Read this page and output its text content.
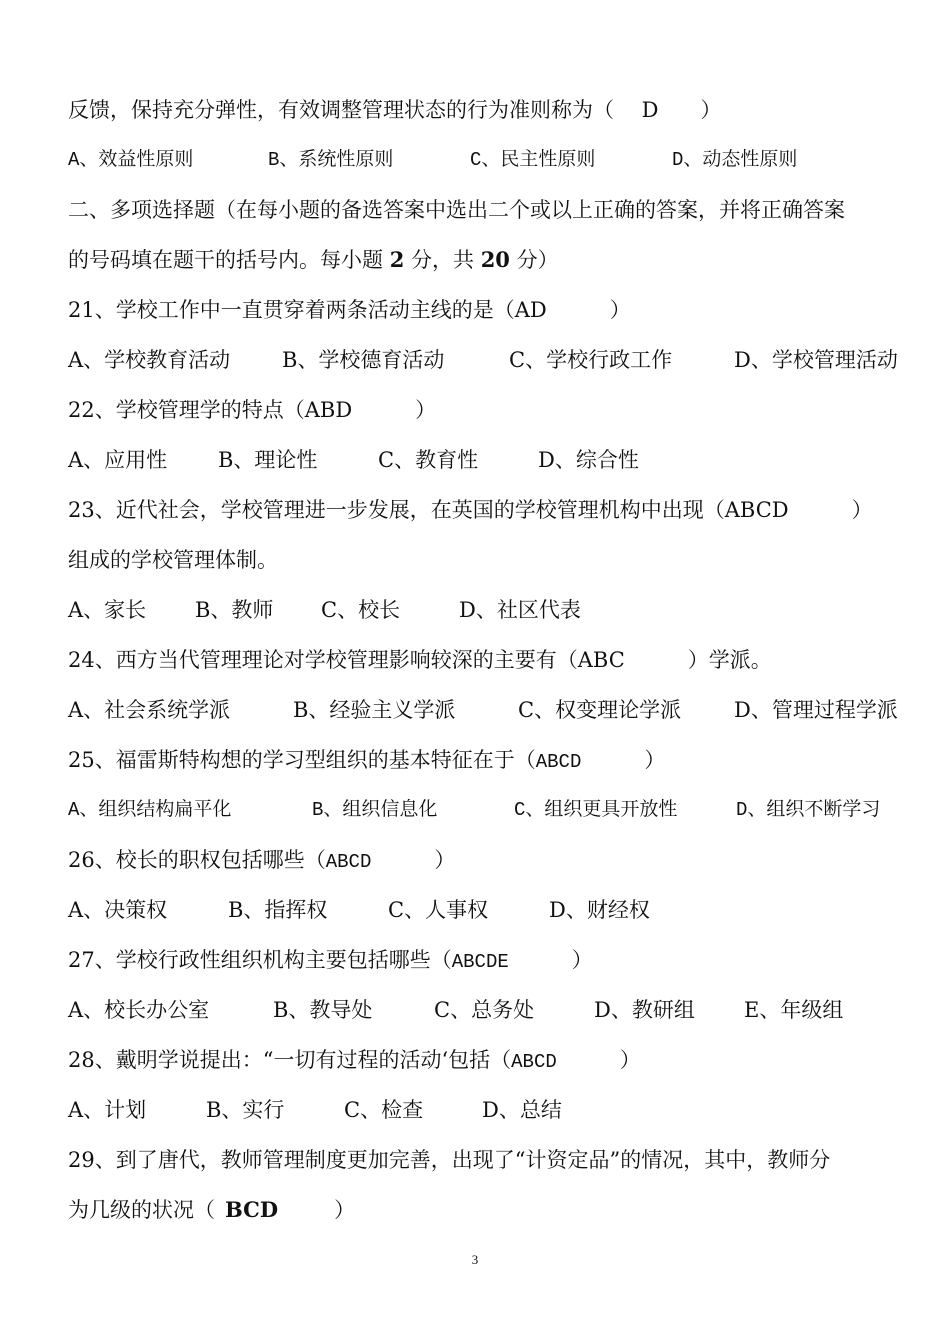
反馈，保持充分弹性，有效调整管理状态的行为准则称为（　 D　　）
A、效益性原则	B、系统性原则	C、民主性原则	D、动态性原则
二、多项选择题（在每小题的备选答案中选出二个或以上正确的答案，并将正确答案
的号码填在题干的括号内。每小题 2 分，共 20 分）
21、学校工作中一直贯穿着两条活动主线的是（AD　　　）
A、学校教育活动 B、学校德育活动	C、学校行政工作	D、学校管理活动
22、学校管理学的特点（ABD　　　）
A、应用性 B、理论性	C、教育性	D、综合性
23、近代社会，学校管理进一步发展，在英国的学校管理机构中出现（ABCD　　　）
组成的学校管理体制。
A、家长 B、教师 C、校长	D、社区代表
24、西方当代管理理论对学校管理影响较深的主要有（ABC　　　）学派。
A、社会系统学派	B、经验主义学派	C、权变理论学派	D、管理过程学派
25、福雷斯特构想的学习型组织的基本特征在于（ABCD　　　）
A、组织结构扁平化	B、组织信息化	C、组织更具开放性	D、组织不断学习
26、校长的职权包括哪些（ABCD　　　）
A、决策权	B、指挥权	C、人事权	D、财经权
27、学校行政性组织机构主要包括哪些（ABCDE　　　）
A、校长办公室	B、教导处	C、总务处	D、教研组 E、年级组
28、戴明学说提出：“一切有过程的活动‘包括（ABCD　　　）
A、计划	B、实行	C、检查	D、总结
29、到了唐代，教师管理制度更加完善，出现了“计资定品”的情况，其中，教师分
为几级的状况（ BCD　　）
3
